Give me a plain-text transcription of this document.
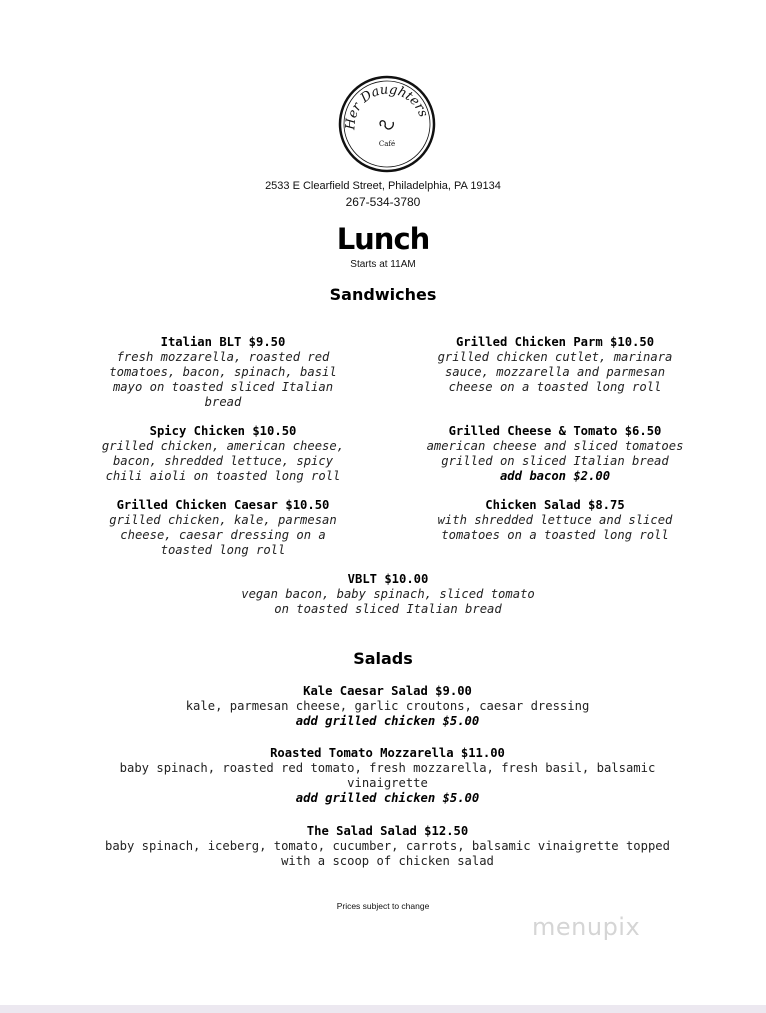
Her Daughters
Café
2533 E Clearfield Street, Philadelphia, PA 19134
267-534-3780
Lunch
Starts at 11AM
Sandwiches
Italian BLT $9.50
fresh mozzarella, roasted red
tomatoes, bacon, spinach, basil
mayo on toasted sliced Italian
bread
Grilled Chicken Parm $10.50
grilled chicken cutlet, marinara
sauce, mozzarella and parmesan
cheese on a toasted long roll
Spicy Chicken $10.50
grilled chicken, american cheese,
bacon, shredded lettuce, spicy
chili aioli on toasted long roll
Grilled Cheese & Tomato $6.50
american cheese and sliced tomatoes
grilled on sliced Italian bread
add bacon $2.00
Grilled Chicken Caesar $10.50
grilled chicken, kale, parmesan
cheese, caesar dressing on a
toasted long roll
Chicken Salad $8.75
with shredded lettuce and sliced
tomatoes on a toasted long roll
VBLT $10.00
vegan bacon, baby spinach, sliced tomato
on toasted sliced Italian bread
Salads
Kale Caesar Salad $9.00
kale, parmesan cheese, garlic croutons, caesar dressing
add grilled chicken $5.00
Roasted Tomato Mozzarella $11.00
baby spinach, roasted red tomato, fresh mozzarella, fresh basil, balsamic
vinaigrette
add grilled chicken $5.00
The Salad Salad $12.50
baby spinach, iceberg, tomato, cucumber, carrots, balsamic vinaigrette topped
with a scoop of chicken salad
Prices subject to change
menupix
